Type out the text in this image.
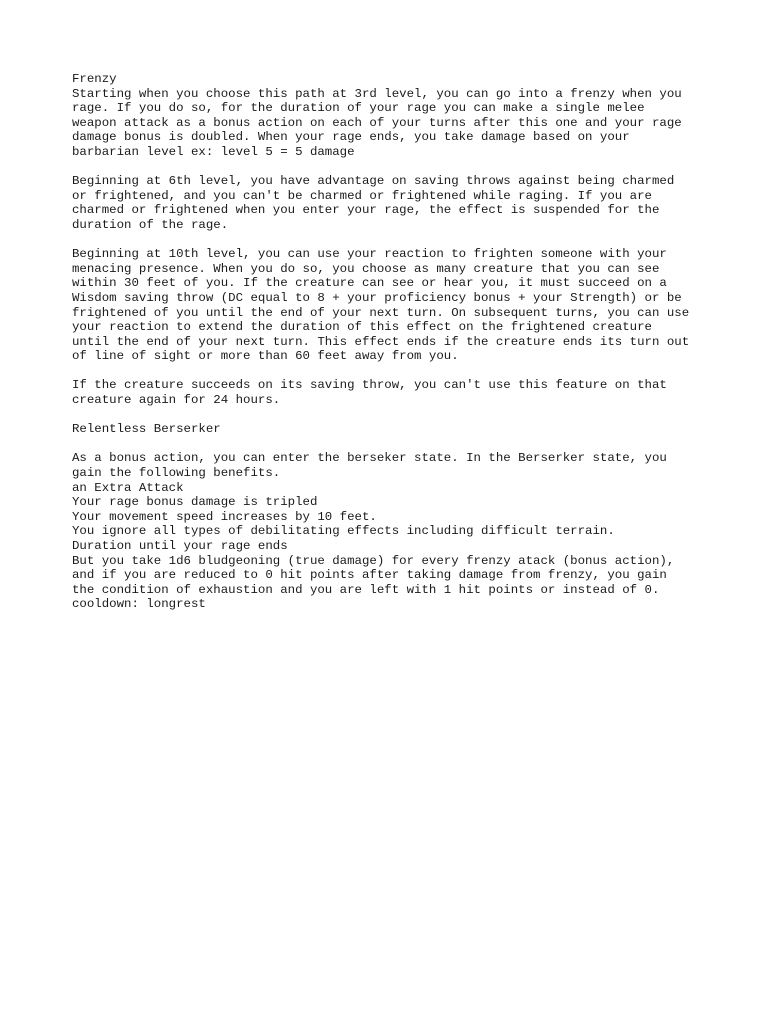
Frenzy
Starting when you choose this path at 3rd level, you can go into a frenzy when you
rage. If you do so, for the duration of your rage you can make a single melee
weapon attack as a bonus action on each of your turns after this one and your rage
damage bonus is doubled. When your rage ends, you take damage based on your
barbarian level ex: level 5 = 5 damage
Beginning at 6th level, you have advantage on saving throws against being charmed
or frightened, and you can't be charmed or frightened while raging. If you are
charmed or frightened when you enter your rage, the effect is suspended for the
duration of the rage.
Beginning at 10th level, you can use your reaction to frighten someone with your
menacing presence. When you do so, you choose as many creature that you can see
within 30 feet of you. If the creature can see or hear you, it must succeed on a
Wisdom saving throw (DC equal to 8 + your proficiency bonus + your Strength) or be
frightened of you until the end of your next turn. On subsequent turns, you can use
your reaction to extend the duration of this effect on the frightened creature
until the end of your next turn. This effect ends if the creature ends its turn out
of line of sight or more than 60 feet away from you.
If the creature succeeds on its saving throw, you can't use this feature on that
creature again for 24 hours.
Relentless Berserker
As a bonus action, you can enter the berseker state. In the Berserker state, you
gain the following benefits.
an Extra Attack
Your rage bonus damage is tripled
Your movement speed increases by 10 feet.
You ignore all types of debilitating effects including difficult terrain.
Duration until your rage ends
But you take 1d6 bludgeoning (true damage) for every frenzy atack (bonus action),
and if you are reduced to 0 hit points after taking damage from frenzy, you gain
the condition of exhaustion and you are left with 1 hit points or instead of 0.
cooldown: longrest
